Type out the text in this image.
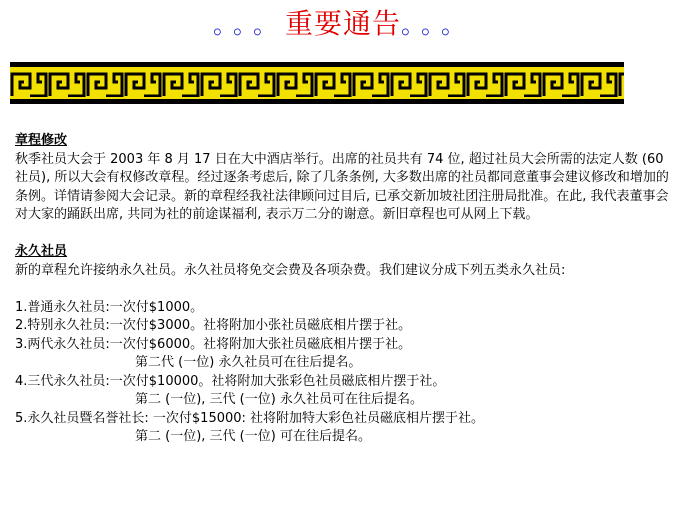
。。。重要通告。。。
章程修改

秋季社员大会于 2003 年 8 月 17 日在大中酒店举行。出席的社员共有 74 位, 超过社员大会所需的法定人数 (60 社员), 所以大会有权修改章程。经过逐条考虑后, 除了几条条例, 大多数出席的社员都同意董事会建议修改和增加的条例。详情请参阅大会记录。新的章程经我社法律顾问过目后, 已承交新加坡社团注册局批准。在此, 我代表董事会对大家的踊跃出席, 共同为社的前途谋福利, 表示万二分的谢意。新旧章程也可从网上下载。

永久社员

新的章程允许接纳永久社员。永久社员将免交会费及各项杂费。我们建议分成下列五类永久社员:

1.普通永久社员:一次付$1000。
2.特别永久社员:一次付$3000。社将附加小张社员磁底相片摆于社。
3.两代永久社员:一次付$6000。社将附加大张社员磁底相片摆于社。
第二代 (一位) 永久社员可在往后提名。
4.三代永久社员:一次付$10000。社将附加大张彩色社员磁底相片摆于社。
第二 (一位), 三代 (一位) 永久社员可在往后提名。
5.永久社员暨名誉社长: 一次付$15000: 社将附加特大彩色社员磁底相片摆于社。
第二 (一位), 三代 (一位) 可在往后提名。
